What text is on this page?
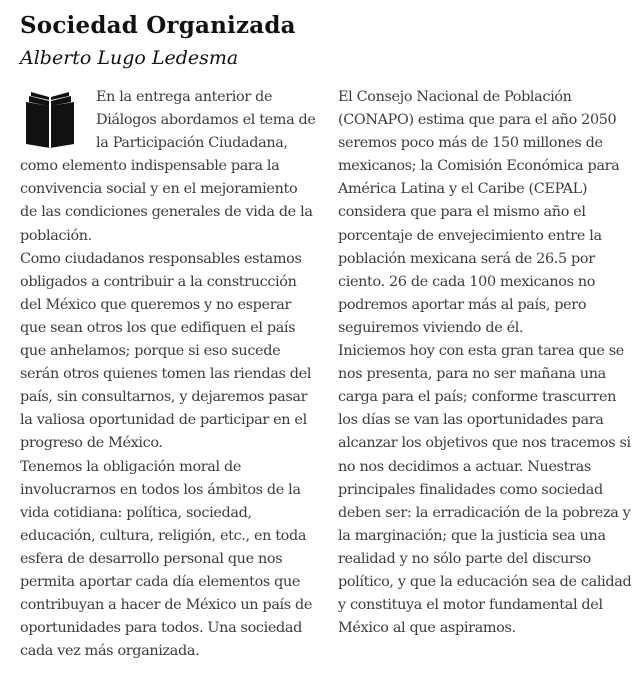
Sociedad Organizada
Alberto Lugo Ledesma

En la entrega anterior de Diálogos abordamos el tema de la Participación Ciudadana, como elemento indispensable para la convivencia social y en el mejoramiento de las condiciones generales de vida de la población.

Como ciudadanos responsables estamos obligados a contribuir a la construcción del México que queremos y no esperar que sean otros los que edifiquen el país que anhelamos; porque si eso sucede serán otros quienes tomen las riendas del país, sin consultarnos, y dejaremos pasar la valiosa oportunidad de participar en el progreso de México.

Tenemos la obligación moral de involucrarnos en todos los ámbitos de la vida cotidiana: política, sociedad, educación, cultura, religión, etc., en toda esfera de desarrollo personal que nos permita aportar cada día elementos que contribuyan a hacer de México un país de oportunidades para todos. Una sociedad cada vez más organizada.

El Consejo Nacional de Población (CONAPO) estima que para el año 2050 seremos poco más de 150 millones de mexicanos; la Comisión Económica para América Latina y el Caribe (CEPAL) considera que para el mismo año el porcentaje de envejecimiento entre la población mexicana será de 26.5 por ciento. 26 de cada 100 mexicanos no podremos aportar más al país, pero seguiremos viviendo de él.

Iniciemos hoy con esta gran tarea que se nos presenta, para no ser mañana una carga para el país; conforme trascurren los días se van las oportunidades para alcanzar los objetivos que nos tracemos si no nos decidimos a actuar. Nuestras principales finalidades como sociedad deben ser: la erradicación de la pobreza y la marginación; que la justicia sea una realidad y no sólo parte del discurso político, y que la educación sea de calidad y constituya el motor fundamental del México al que aspiramos.
